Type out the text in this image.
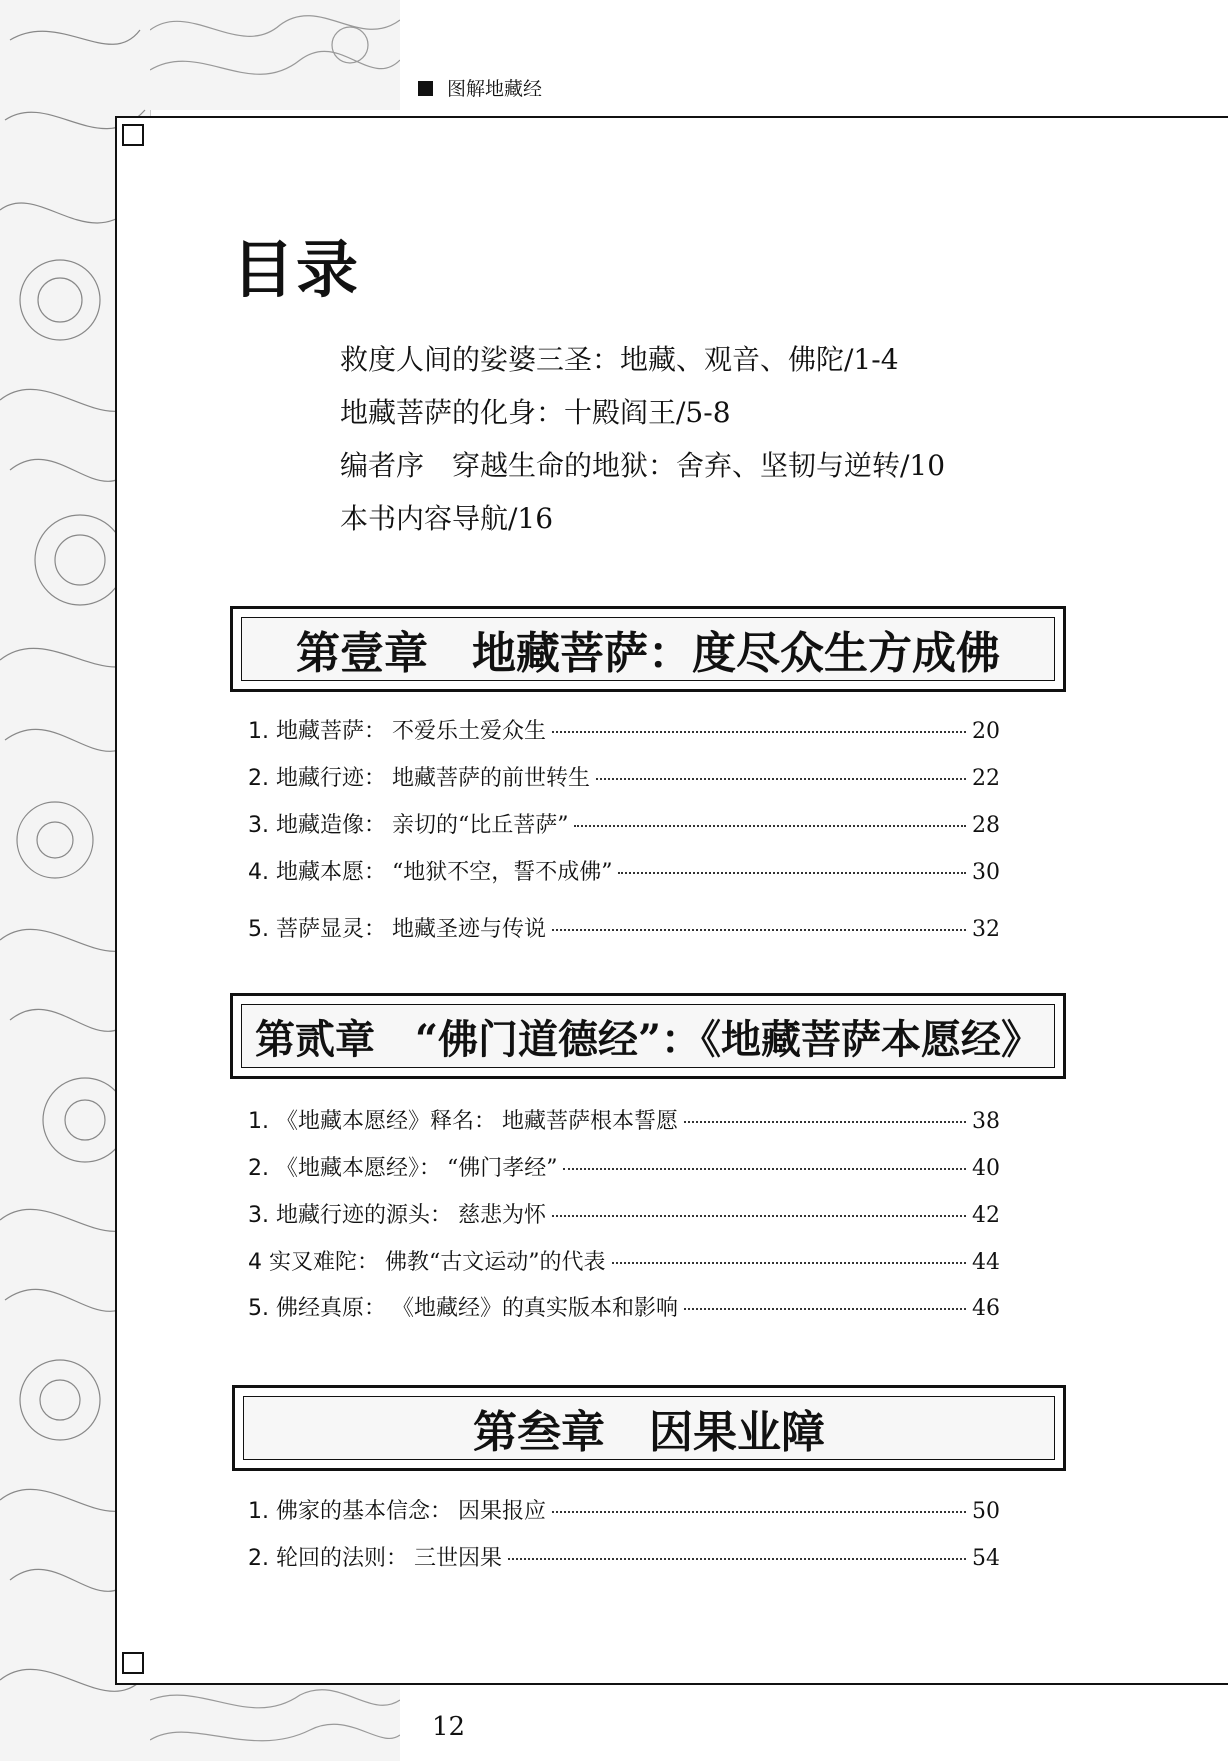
图解地藏经
目录
救度人间的娑婆三圣：地藏、观音、佛陀/1-4
地藏菩萨的化身：十殿阎王/5-8
编者序　穿越生命的地狱：舍弃、坚韧与逆转/10
本书内容导航/16
第壹章　地藏菩萨：度尽众生方成佛
1. 地藏菩萨： 不爱乐土爱众生	20
2. 地藏行迹： 地藏菩萨的前世转生	22
3. 地藏造像： 亲切的“比丘菩萨”	28
4. 地藏本愿： “地狱不空，誓不成佛”	30
5. 菩萨显灵： 地藏圣迹与传说	32
第贰章　“佛门道德经”：《地藏菩萨本愿经》
1. 《地藏本愿经》释名： 地藏菩萨根本誓愿	38
2. 《地藏本愿经》： “佛门孝经”	40
3. 地藏行迹的源头： 慈悲为怀	42
4 实叉难陀： 佛教“古文运动”的代表	44
5. 佛经真原： 《地藏经》的真实版本和影响	46
第叁章　因果业障
1. 佛家的基本信念： 因果报应	50
2. 轮回的法则： 三世因果	54
12
